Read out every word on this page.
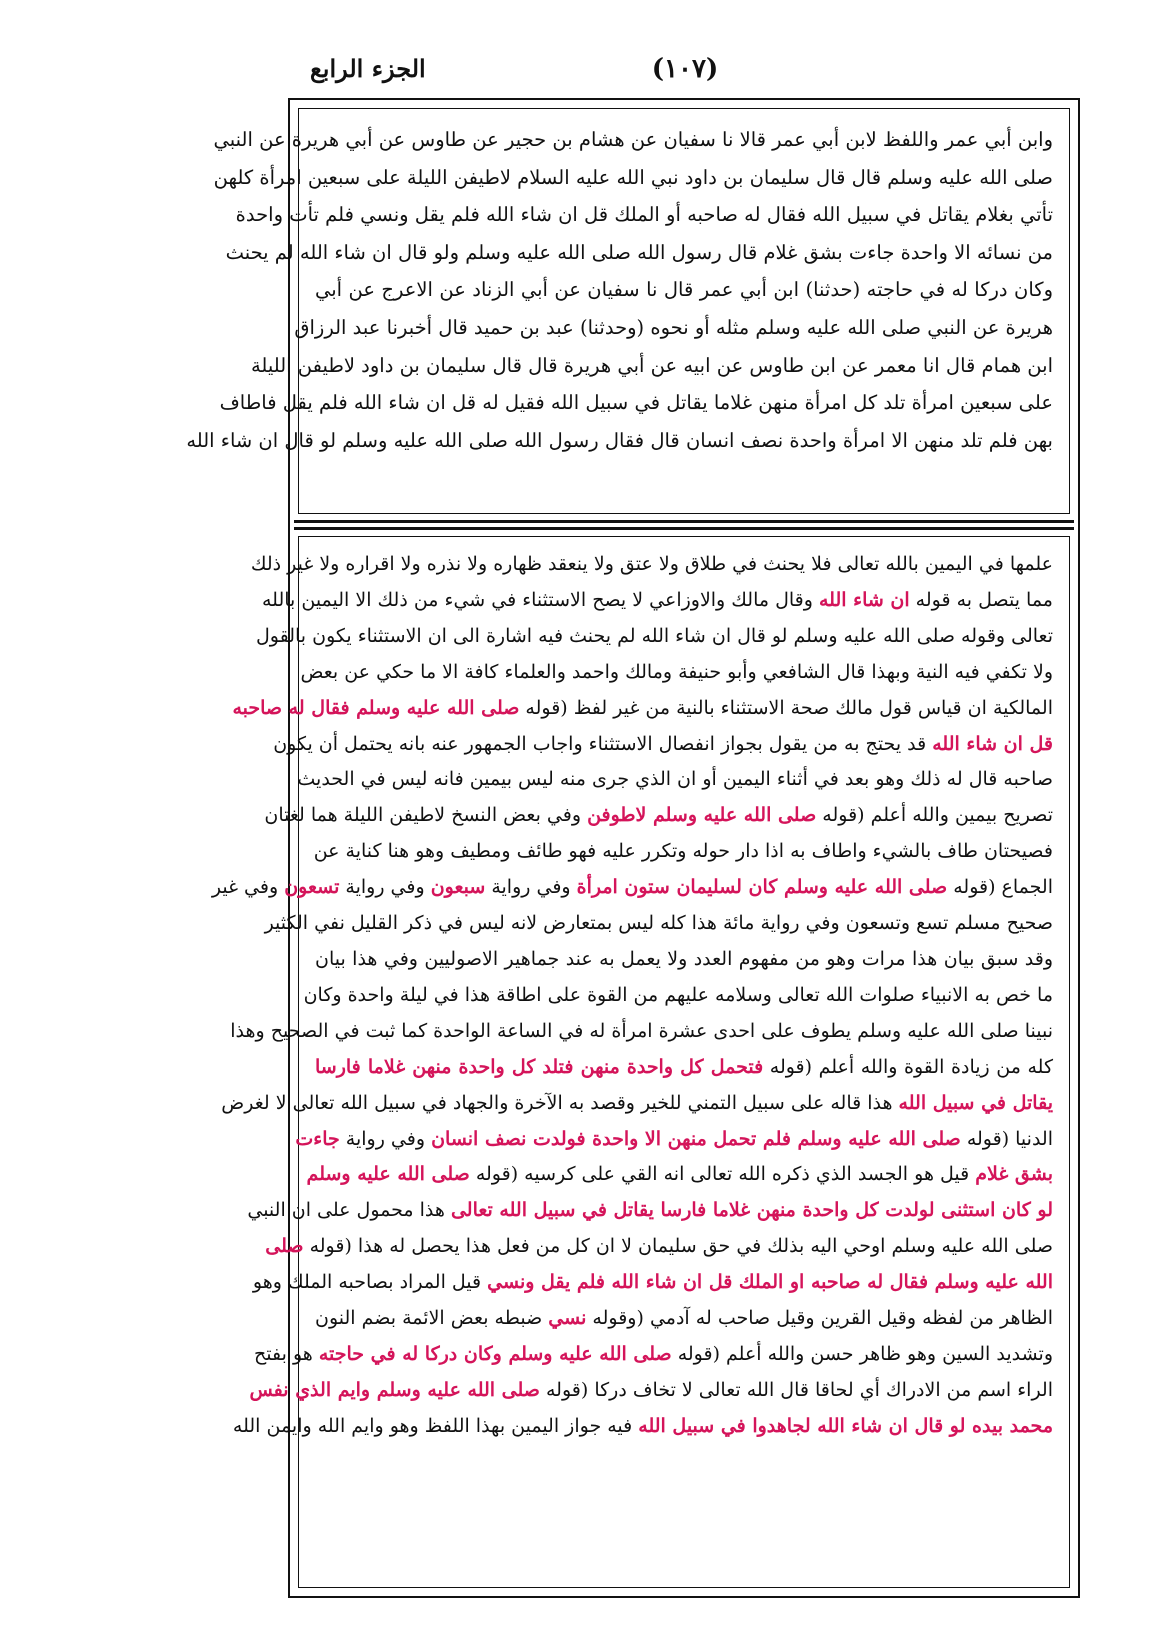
(١٠٧)
الجزء الرابع
وابن أبي عمر واللفظ لابن أبي عمر قالا نا سفيان عن هشام بن حجير عن طاوس عن أبي هريرة عن النبي
صلى الله عليه وسلم قال قال سليمان بن داود نبي الله عليه السلام لاطيفن الليلة على سبعين امرأة كلهن
تأتي بغلام يقاتل في سبيل الله فقال له صاحبه أو الملك قل ان شاء الله فلم يقل ونسي فلم تأت واحدة
من نسائه الا واحدة جاءت بشق غلام قال رسول الله صلى الله عليه وسلم ولو قال ان شاء الله لم يحنث
وكان دركا له في حاجته (حدثنا) ابن أبي عمر قال نا سفيان عن أبي الزناد عن الاعرج عن أبي
هريرة عن النبي صلى الله عليه وسلم مثله أو نحوه (وحدثنا) عبد بن حميد قال أخبرنا عبد الرزاق
ابن همام قال انا معمر عن ابن طاوس عن ابيه عن أبي هريرة قال قال سليمان بن داود لاطيفن الليلة
على سبعين امرأة تلد كل امرأة منهن غلاما يقاتل في سبيل الله فقيل له قل ان شاء الله فلم يقل فاطاف
بهن فلم تلد منهن الا امرأة واحدة نصف انسان قال فقال رسول الله صلى الله عليه وسلم لو قال ان شاء الله
علمها في اليمين بالله تعالى فلا يحنث في طلاق ولا عتق ولا ينعقد ظهاره ولا نذره ولا اقراره ولا غير ذلك
مما يتصل به قوله ان شاء الله وقال مالك والاوزاعي لا يصح الاستثناء في شيء من ذلك الا اليمين بالله
تعالى وقوله صلى الله عليه وسلم لو قال ان شاء الله لم يحنث فيه اشارة الى ان الاستثناء يكون بالقول
ولا تكفي فيه النية وبهذا قال الشافعي وأبو حنيفة ومالك واحمد والعلماء كافة الا ما حكي عن بعض
المالكية ان قياس قول مالك صحة الاستثناء بالنية من غير لفظ (قوله صلى الله عليه وسلم فقال له صاحبه
قل ان شاء الله قد يحتج به من يقول بجواز انفصال الاستثناء واجاب الجمهور عنه بانه يحتمل أن يكون
صاحبه قال له ذلك وهو بعد في أثناء اليمين أو ان الذي جرى منه ليس بيمين فانه ليس في الحديث
تصريح بيمين والله أعلم (قوله صلى الله عليه وسلم لاطوفن وفي بعض النسخ لاطيفن الليلة هما لغتان
فصيحتان طاف بالشيء واطاف به اذا دار حوله وتكرر عليه فهو طائف ومطيف وهو هنا كناية عن
الجماع (قوله صلى الله عليه وسلم كان لسليمان ستون امرأة وفي رواية سبعون وفي رواية تسعون وفي غير
صحيح مسلم تسع وتسعون وفي رواية مائة هذا كله ليس بمتعارض لانه ليس في ذكر القليل نفي الكثير
وقد سبق بيان هذا مرات وهو من مفهوم العدد ولا يعمل به عند جماهير الاصوليين وفي هذا بيان
ما خص به الانبياء صلوات الله تعالى وسلامه عليهم من القوة على اطاقة هذا في ليلة واحدة وكان
نبينا صلى الله عليه وسلم يطوف على احدى عشرة امرأة له في الساعة الواحدة كما ثبت في الصحيح وهذا
كله من زيادة القوة والله أعلم (قوله فتحمل كل واحدة منهن فتلد كل واحدة منهن غلاما فارسا
يقاتل في سبيل الله هذا قاله على سبيل التمني للخير وقصد به الآخرة والجهاد في سبيل الله تعالى لا لغرض
الدنيا (قوله صلى الله عليه وسلم فلم تحمل منهن الا واحدة فولدت نصف انسان وفي رواية جاءت
بشق غلام قيل هو الجسد الذي ذكره الله تعالى انه القي على كرسيه (قوله صلى الله عليه وسلم
لو كان استثنى لولدت كل واحدة منهن غلاما فارسا يقاتل في سبيل الله تعالى هذا محمول على ان النبي
صلى الله عليه وسلم اوحي اليه بذلك في حق سليمان لا ان كل من فعل هذا يحصل له هذا (قوله صلى
الله عليه وسلم فقال له صاحبه او الملك قل ان شاء الله فلم يقل ونسي قيل المراد بصاحبه الملك وهو
الظاهر من لفظه وقيل القرين وقيل صاحب له آدمي (وقوله نسي ضبطه بعض الائمة بضم النون
وتشديد السين وهو ظاهر حسن والله أعلم (قوله صلى الله عليه وسلم وكان دركا له في حاجته هو بفتح
الراء اسم من الادراك أي لحاقا قال الله تعالى لا تخاف دركا (قوله صلى الله عليه وسلم وايم الذي نفس
محمد بيده لو قال ان شاء الله لجاهدوا في سبيل الله فيه جواز اليمين بهذا اللفظ وهو وايم الله وايمن الله
